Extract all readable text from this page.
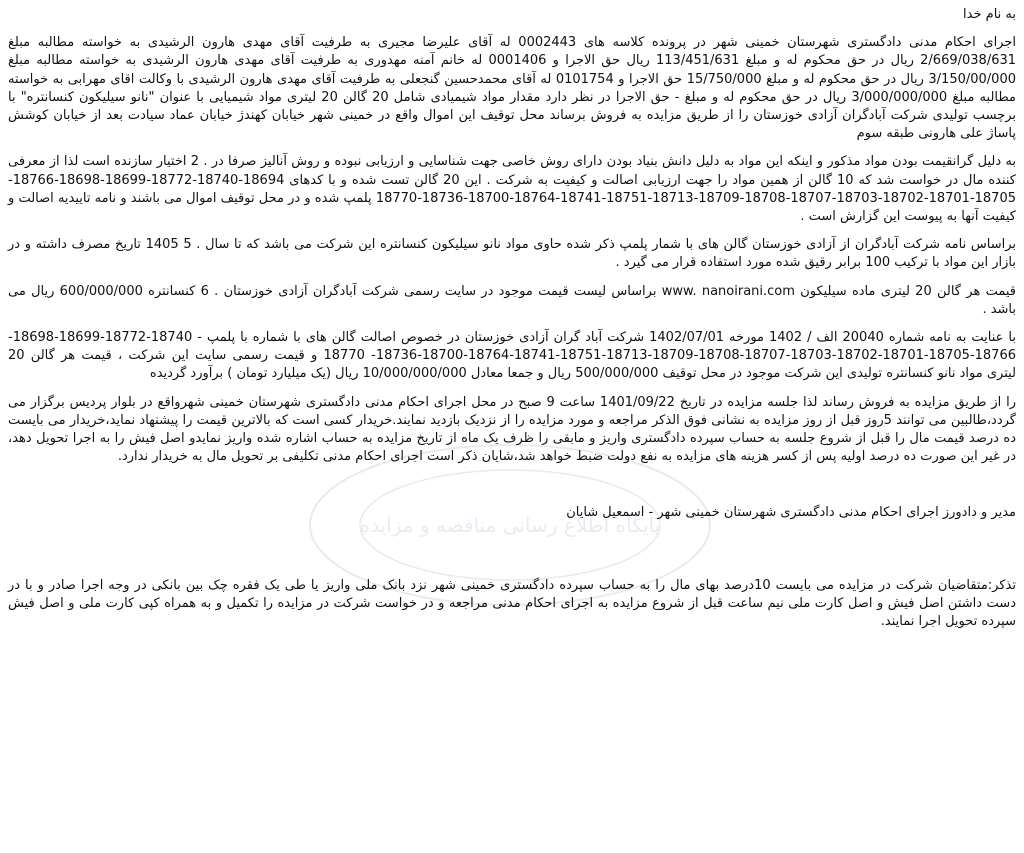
پایگاه اطلاع رسانی مناقصه و مزایده

به نام خدا

اجرای احکام مدنی دادگستری شهرستان خمینی شهر در پرونده کلاسه های 0002443 له آقای علیرضا مجیری به طرفیت آقای مهدی هارون الرشیدی به خواسته مطالبه مبلغ 2/669/038/631 ریال در حق محکوم له و مبلغ 113/451/631 ریال حق الاجرا و 0001406 له خانم آمنه مهدوری به طرفیت آقای مهدی هارون الرشیدی به خواسته مطالبه مبلغ 3/150/00/000 ریال در حق محکوم له و مبلغ 15/750/000 حق الاجرا و 0101754 له آقای محمدحسین گنجعلی به طرفیت آقای مهدی هارون الرشیدی با وکالت اقای مهرابی به خواسته مطالبه مبلغ 3/000/000/000 ریال در حق محکوم له و مبلغ - حق الاجرا در نظر دارد مقدار مواد شیمیادی شامل 20 گالن 20 لیتری مواد شیمیایی با عنوان "نانو سیلیکون کنسانتره" با برچسب تولیدی شرکت آبادگران آزادی خوزستان را از طریق مزایده به فروش برساند محل توقیف این اموال واقع در خمینی شهر خیابان کهندژ خیابان عماد سیادت بعد از خیابان کوشش پاساژ علی هارونی طبقه سوم

به دلیل گرانقیمت بودن مواد مذکور و اینکه این مواد به دلیل دانش بنیاد بودن دارای روش خاصی جهت شناسایی و ارزیابی نبوده و روش آنالیز صرفا در . 2 اختیار سازنده است لذا از معرفی کننده مال در خواست شد که 10 گالن از همین مواد را جهت ارزیابی اصالت و کیفیت به شرکت . این 20 گالن تست شده و با کدهای 18694-18740-18772-18699-18698-18766-18705-18701-18702-18703-18707-18708-18709-18713-18751-18741-18764-18700-18736-18770 پلمپ شده و در محل توقیف اموال می باشند و نامه تاییدیه اصالت و کیفیت آنها به پیوست این گزارش است .

براساس نامه شرکت آبادگران از آزادی خوزستان گالن های با شمار پلمپ ذکر شده حاوی مواد نانو سیلیکون کنسانتره این شرکت می باشد که تا سال . 5 1405 تاریخ مصرف داشته و در بازار این مواد با ترکیب 100 برابر رقیق شده مورد استفاده قرار می گیرد .

قیمت هر گالن 20 لیتری ماده سیلیکون www. nanoirani.com براساس لیست قیمت موجود در سایت رسمی شرکت آبادگران آزادی خوزستان . 6 کنسانتره 600/000/000 ریال می باشد .

با عنایت به نامه شماره 20040 الف / 1402 مورخه 1402/07/01 شرکت آباد گران آزادی خوزستان در خصوص اصالت گالن های با شماره با پلمپ - 18740-18772-18699-18698-18766-18705-18701-18702-18703-18707-18708-18709-18713-18751-18741-18764-18700-18736- 18770 و قیمت رسمی سایت این شرکت ، قیمت هر گالن 20 لیتری مواد نانو کنسانتره تولیدی این شرکت موجود در محل توقیف 500/000/000 ریال و جمعا معادل 10/000/000/000 ریال (یک میلیارد تومان ) برآورد گردیده

را از طریق مزایده به فروش رساند لذا جلسه مزایده در تاریخ 1401/09/22 ساعت 9 صبح در محل اجرای احکام مدنی دادگستری شهرستان خمینی شهرواقع در بلوار پردیس برگزار می گردد،طالبین می توانند 5روز قبل از روز مزایده به نشانی فوق الذکر مراجعه و مورد مزایده را از نزدیک بازدید نمایند.خریدار کسی است که بالاترین قیمت را پیشنهاد نماید،خریدار می بایست ده درصد قیمت مال را قبل از شروع جلسه به حساب سپرده دادگستری واریز و مابقی را ظرف یک ماه از تاریخ مزایده به حساب اشاره شده واریز نمایدو اصل فیش را به اجرا تحویل دهد، در غیر این صورت ده درصد اولیه پس از کسر هزینه های مزایده به نفع دولت ضبط خواهد شد،شایان ذکر است اجرای احکام مدنی تکلیفی بر تحویل مال به خریدار ندارد.

مدیر و دادورز اجرای احکام مدنی دادگستری شهرستان خمینی شهر - اسمعیل شایان

تذکر:متقاضیان شرکت در مزایده می بایست 10درصد بهای مال را به حساب سپرده دادگستری خمینی شهر نزد بانک ملی واریز یا طی یک فقره چک بین بانکی در وجه اجرا صادر و با در دست داشتن اصل فیش و اصل کارت ملی نیم ساعت قبل از شروع مزایده به اجرای احکام مدنی مراجعه و در خواست شرکت در مزایده را تکمیل و به همراه کپی کارت ملی و اصل فیش سپرده تحویل اجرا نمایند.
